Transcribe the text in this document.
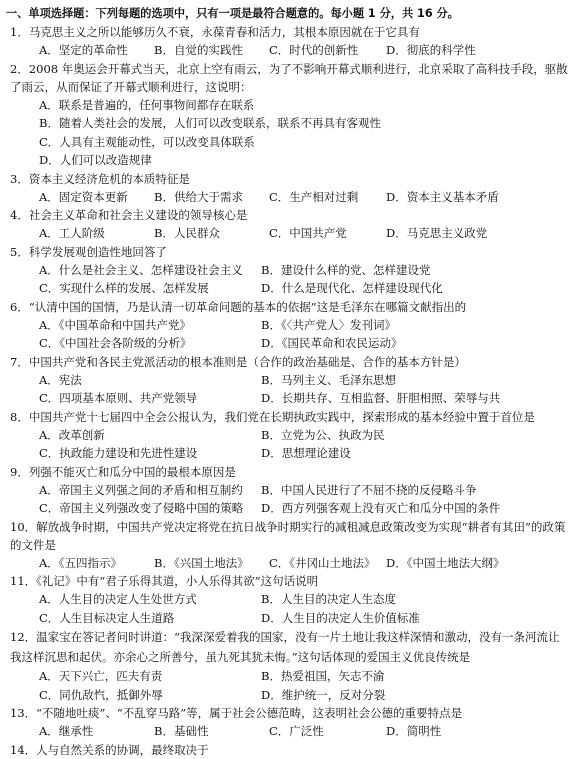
一、单项选择题：下列每题的选项中，只有一项是最符合题意的。每小题 1 分，共 16 分。
1．马克思主义之所以能够历久不衰，永葆青春和活力，其根本原因就在于它具有
A．坚定的革命性	B．自觉的实践性	C．时代的创新性	D．彻底的科学性
2．2008 年奥运会开幕式当天，北京上空有雨云，为了不影响开幕式顺利进行，北京采取了高科技手段，驱散了雨云，从而保证了开幕式顺利进行，这说明：
A．联系是普遍的，任何事物间都存在联系
B．随着人类社会的发展，人们可以改变联系，联系不再具有客观性
C．人具有主观能动性，可以改变具体联系
D．人们可以改造规律
3．资本主义经济危机的本质特征是
A．固定资本更新	B．供给大于需求	C．生产相对过剩	D．资本主义基本矛盾
4．社会主义革命和社会主义建设的领导核心是
A．工人阶级	B．人民群众	C．中国共产党	D．马克思主义政党
5．科学发展观创造性地回答了
A．什么是社会主义、怎样建设社会主义	B．建设什么样的党、怎样建设党
C．实现什么样的发展、怎样发展	D．什么是现代化、怎样建设现代化
6．“认清中国的国情，乃是认清一切革命问题的基本的依据”这是毛泽东在哪篇文献指出的
A．《中国革命和中国共产党》	B．《〈共产党人〉发刊词》
C．《中国社会各阶级的分析》	D．《国民革命和农民运动》
7．中国共产党和各民主党派活动的根本准则是（合作的政治基础是、合作的基本方针是）
A．宪法	B．马列主义、毛泽东思想
C．四项基本原则、共产党领导	D．长期共存、互相监督、肝胆相照、荣辱与共
8．中国共产党十七届四中全会公报认为，我们党在长期执政实践中，探索形成的基本经验中置于首位是
A．改革创新	B．立党为公、执政为民
C．执政能力建设和先进性建设	D．思想理论建设
9．列强不能灭亡和瓜分中国的最根本原因是
A．帝国主义列强之间的矛盾和相互制约	B．中国人民进行了不屈不挠的反侵略斗争
C．帝国主义列强改变了侵略中国的策略	D．西方列强客观上没有灭亡和瓜分中国的条件
10．解放战争时期，中国共产党决定将党在抗日战争时期实行的减租减息政策改变为实现“耕者有其田”的政策的文件是
A．《五四指示》	B．《兴国土地法》	C．《井冈山土地法》 D．《中国土地法大纲》
11．《礼记》中有“君子乐得其道，小人乐得其欲”这句话说明
A．人生目的决定人生处世方式	B．人生目的决定人生态度
C．人生目标决定人生道路	D．人生目的决定人生价值标准
12．温家宝在答记者问时讲道：“我深深爱着我的国家，没有一片土地让我这样深情和激动，没有一条河流让我这样沉思和起伏。亦余心之所善兮，虽九死其犹未悔。”这句话体现的爱国主义优良传统是
A．天下兴亡，匹夫有责	B．热爱祖国，矢志不渝
C．同仇敌忾，抵御外辱	D．维护统一，反对分裂
13．“不随地吐痰”、“不乱穿马路”等，属于社会公德范畴，这表明社会公德的重要特点是
A．继承性	B．基础性	C．广泛性	D．简明性
14．人与自然关系的协调，最终取决于
